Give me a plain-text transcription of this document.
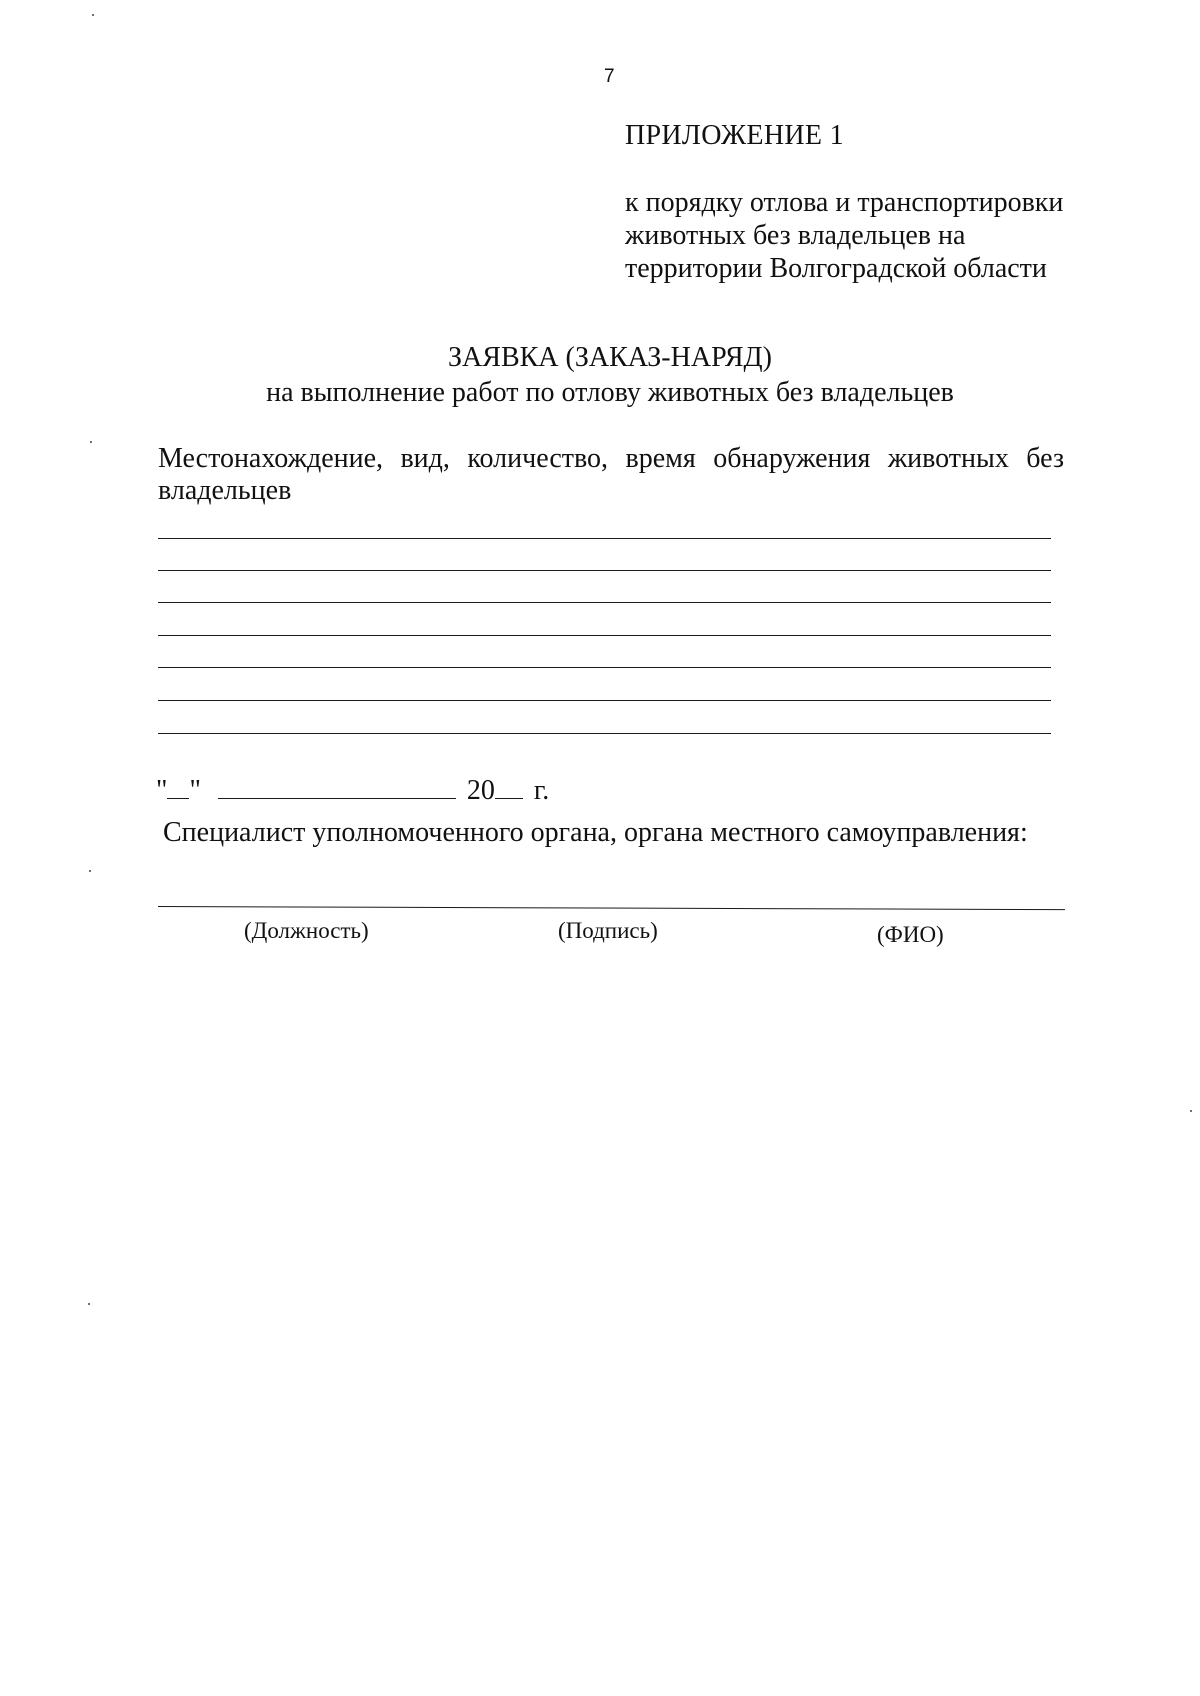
7
ПРИЛОЖЕНИЕ 1
к порядку отлова и транспортировки
животных без владельцев на
территории Волгоградской области
ЗАЯВКА (ЗАКАЗ-НАРЯД)
на выполнение работ по отлову животных без владельцев
Местонахождение, вид, количество, время обнаружения животных без
владельцев
" "	20 г.
Специалист уполномоченного органа, органа местного самоуправления:
(Должность)	(Подпись)	(ФИО)
